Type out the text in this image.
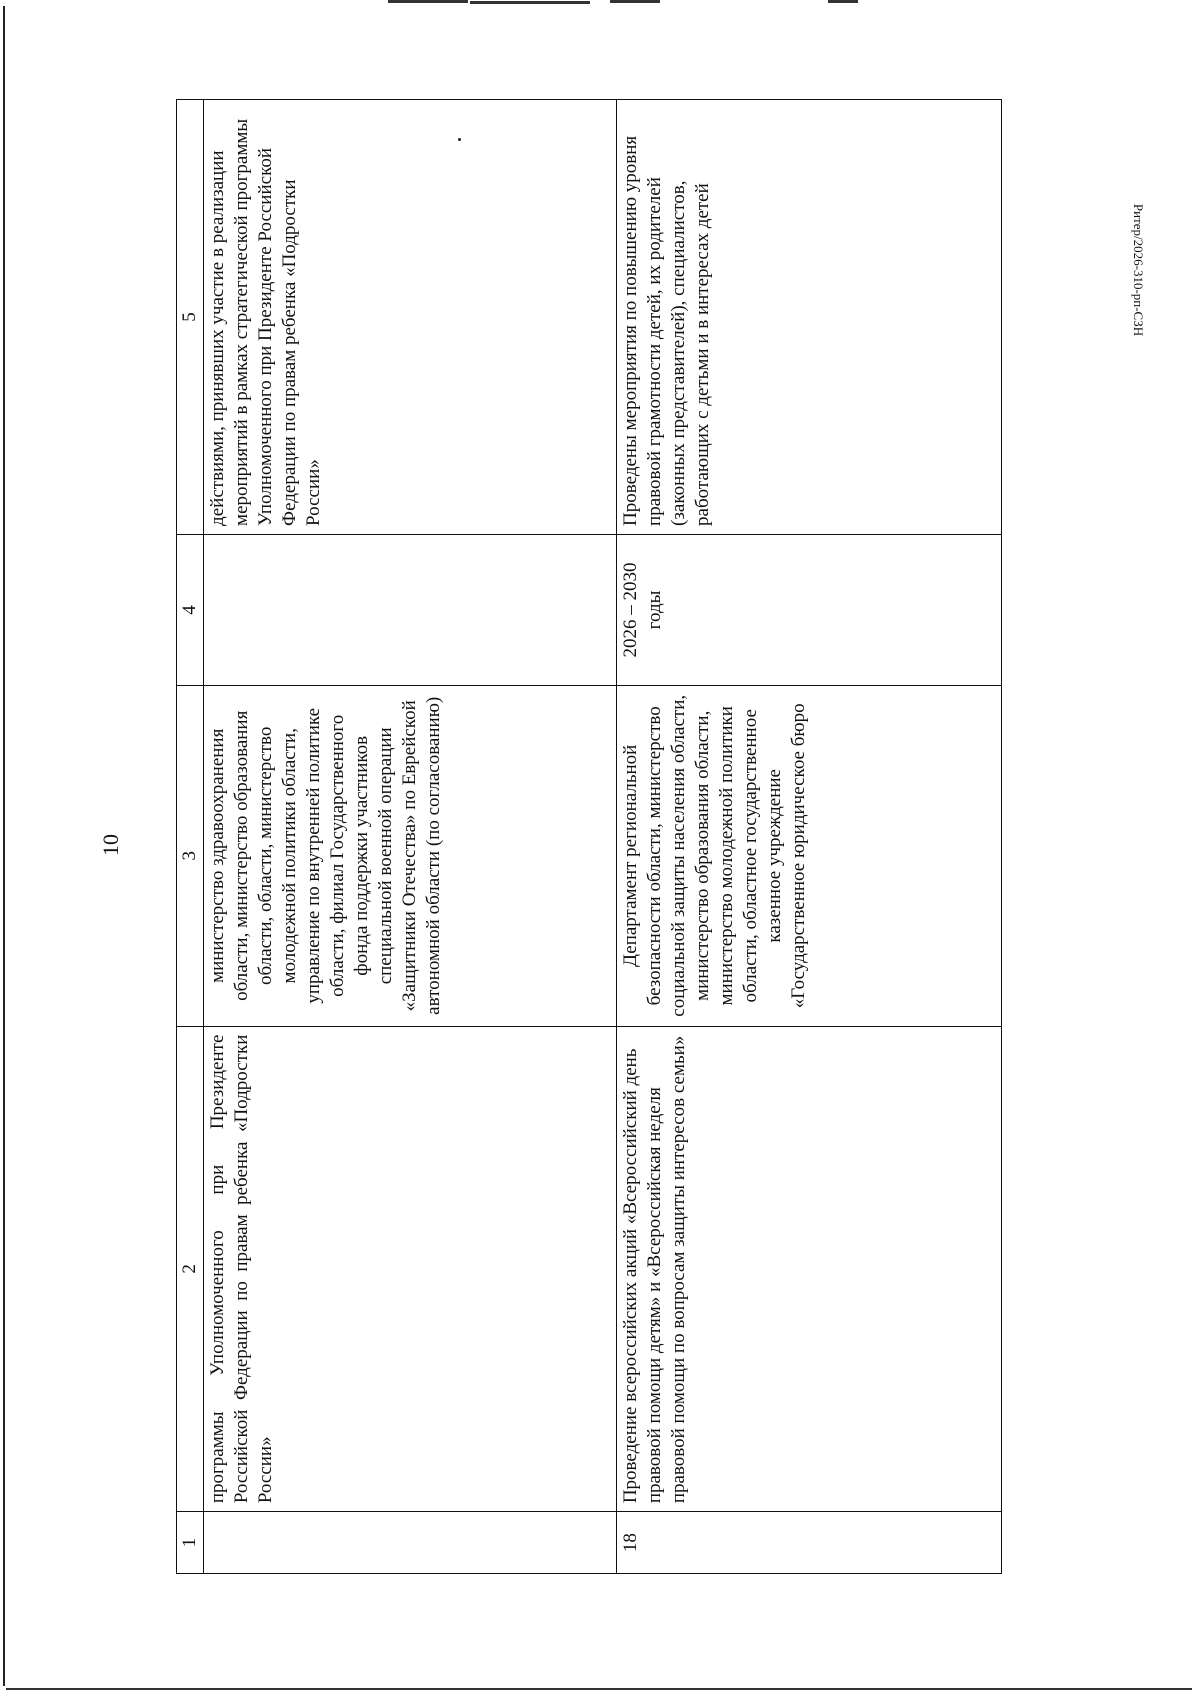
10
Ритер/2026-310-рп-СЗН
1	2	3	4	5
	программы Уполномоченного при Президенте Российской Федерации по правам ребенка «Подростки России»	министерство здравоохранения области, министерство образования области, области, министерство молодежной политики области, управление по внутренней политике области, филиал Государственного фонда поддержки участников специальной военной операции «Защитники Отечества» по Еврейской автономной области (по согласованию)		действиями, принявших участие в реализации мероприятий в рамках стратегической программы Уполномоченного при Президенте Российской Федерации по правам ребенка «Подростки России»
18	Проведение всероссийских акций «Всероссийский день правовой помощи детям» и «Всероссийская неделя правовой помощи по вопросам защиты интересов семьи»	Департамент региональной безопасности области, министерство социальной защиты населения области, министерство образования области, министерство молодежной политики области, областное государственное казенное учреждение «Государственное юридическое бюро	2026 – 2030 годы	Проведены мероприятия по повышению уровня правовой грамотности детей, их родителей (законных представителей), специалистов, работающих с детьми и в интересах детей
